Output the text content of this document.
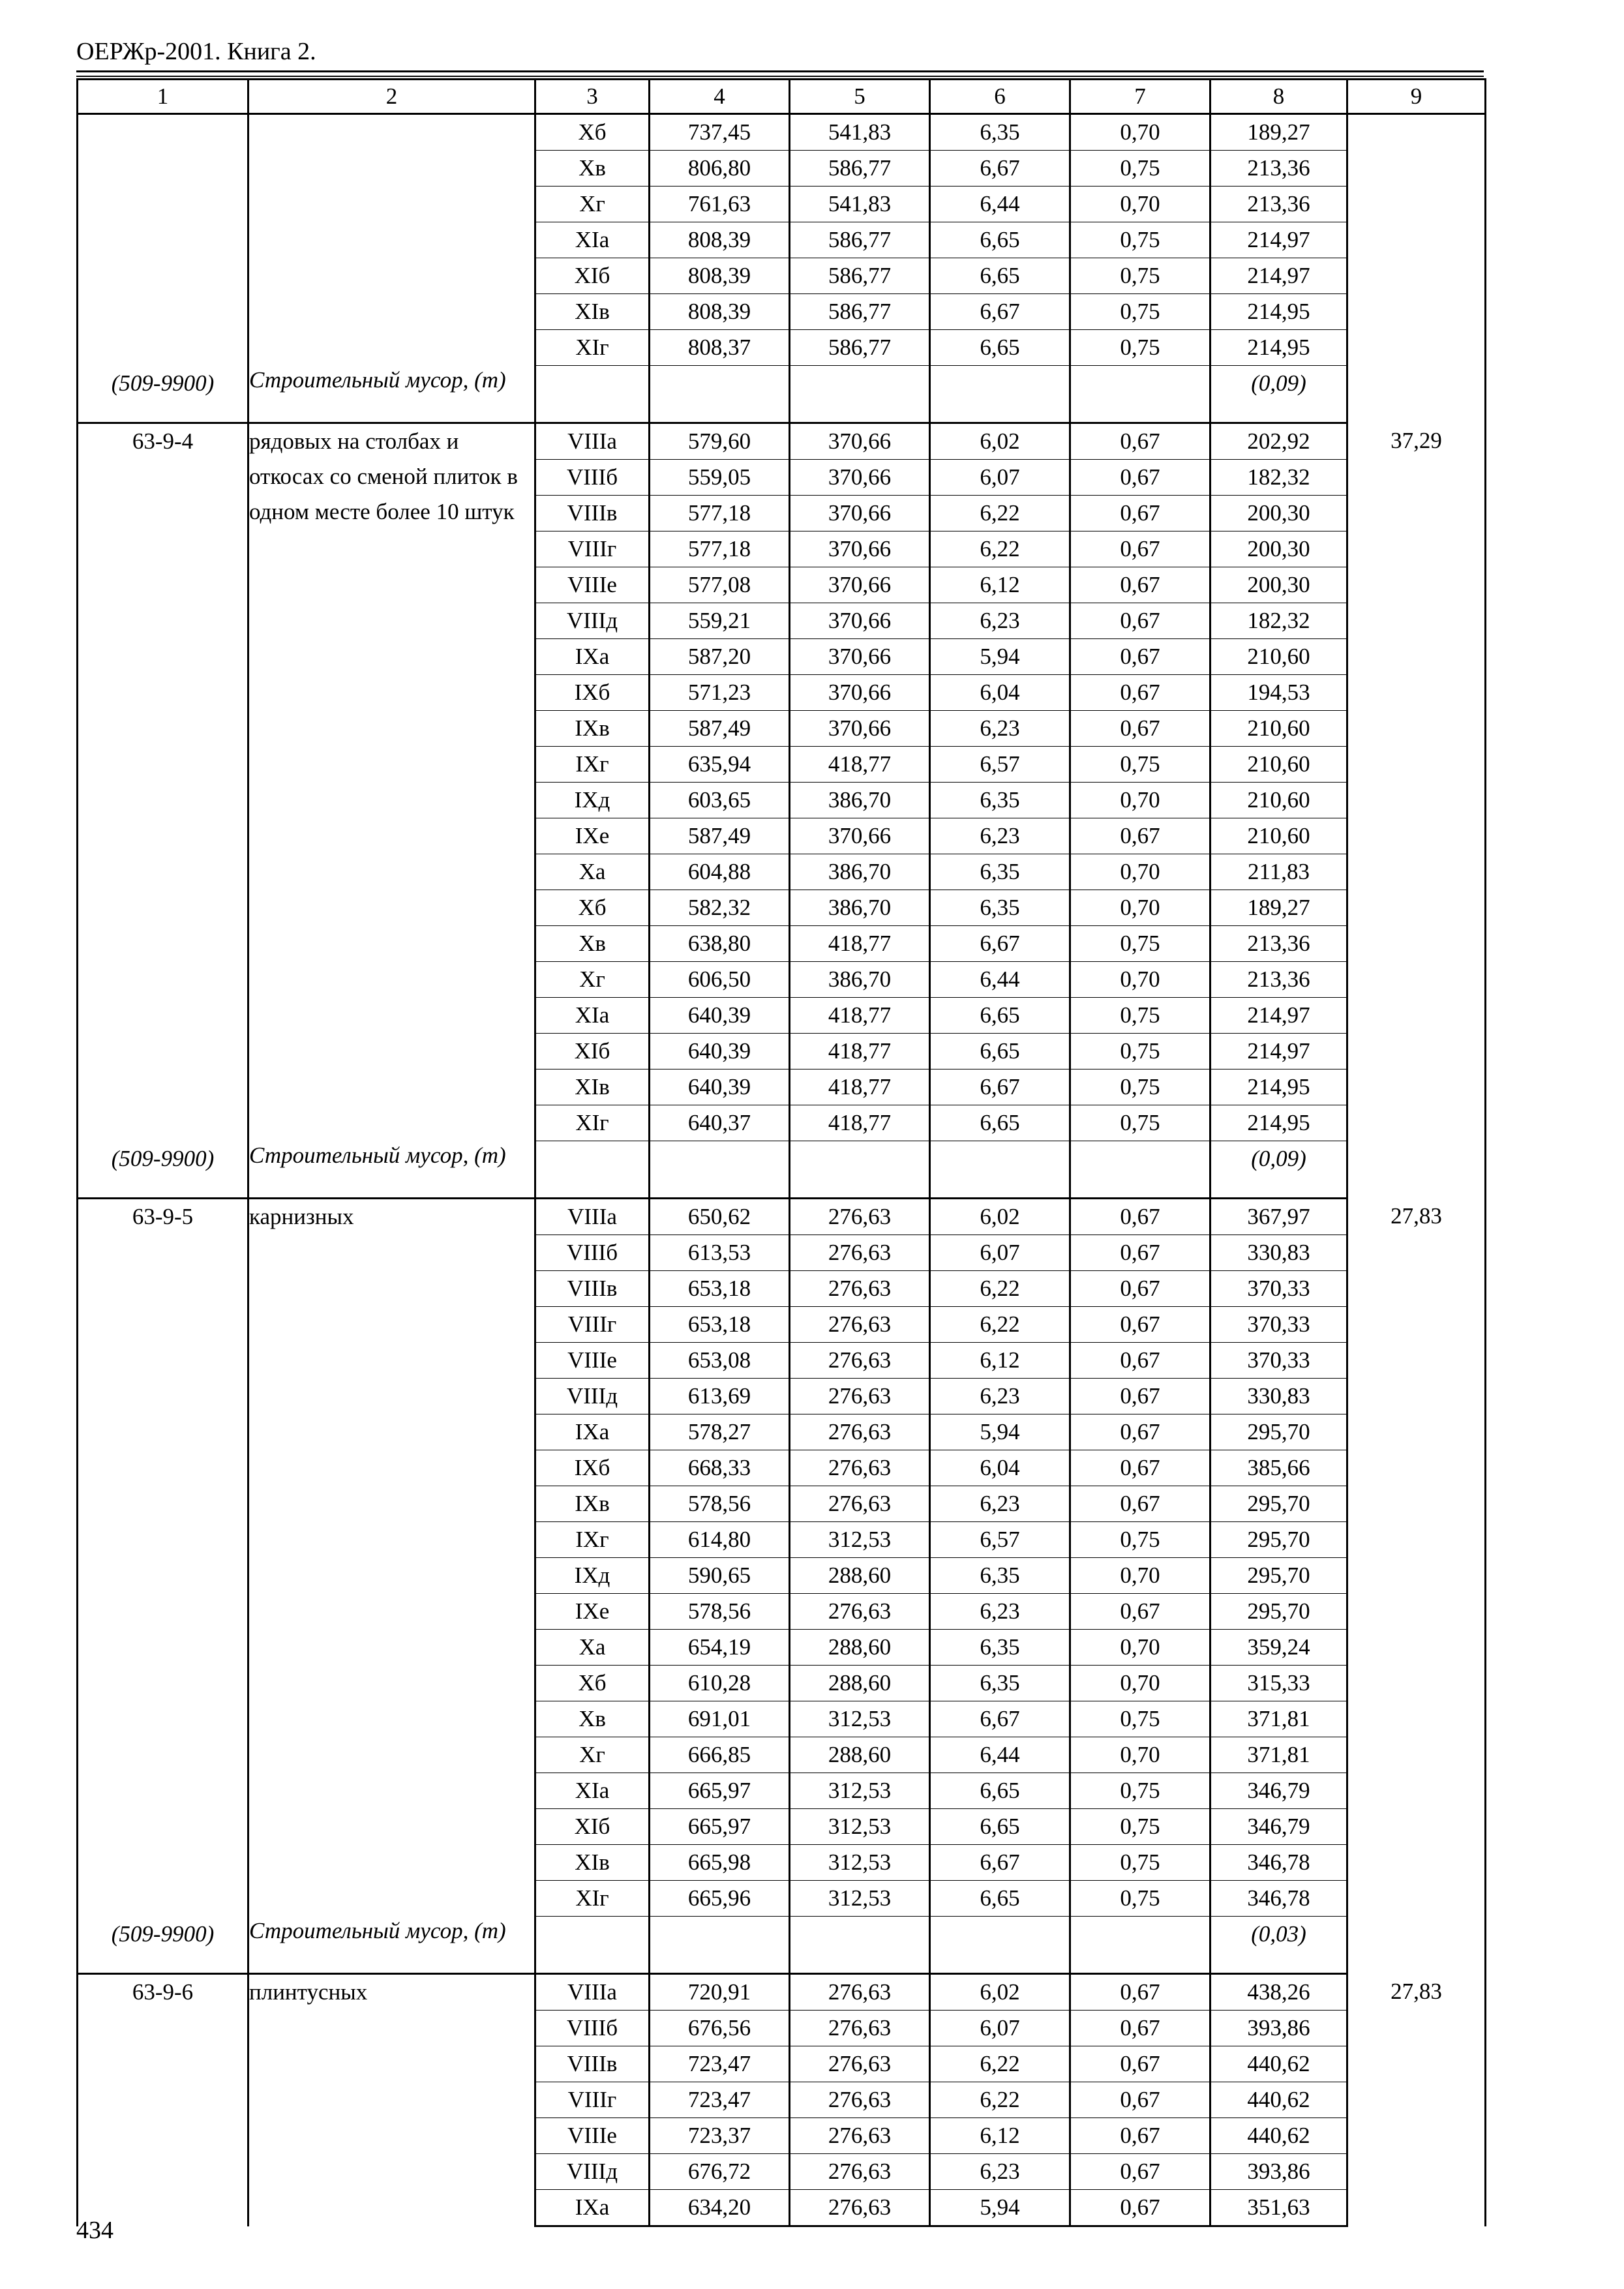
ОЕРЖр-2001. Книга 2.
1	2	3	4	5	6	7	8	9
		Хб	737,45	541,83	6,35	0,70	189,27	
		Хв	806,80	586,77	6,67	0,75	213,36	
		Хг	761,63	541,83	6,44	0,70	213,36	
		XIа	808,39	586,77	6,65	0,75	214,97	
		XIб	808,39	586,77	6,65	0,75	214,97	
		XIв	808,39	586,77	6,67	0,75	214,95	
		XIг	808,37	586,77	6,65	0,75	214,95	
(509-9900)	Строительный мусор, (т)						(0,09)	
63-9-4	рядовых на столбах и откосах со сменой плиток в одном месте более 10 штук	VIIIа	579,60	370,66	6,02	0,67	202,92	37,29
		VIIIб	559,05	370,66	6,07	0,67	182,32	
		VIIIв	577,18	370,66	6,22	0,67	200,30	
		VIIIг	577,18	370,66	6,22	0,67	200,30	
		VIIIе	577,08	370,66	6,12	0,67	200,30	
		VIIIд	559,21	370,66	6,23	0,67	182,32	
		IXа	587,20	370,66	5,94	0,67	210,60	
		IXб	571,23	370,66	6,04	0,67	194,53	
		IXв	587,49	370,66	6,23	0,67	210,60	
		IXг	635,94	418,77	6,57	0,75	210,60	
		IXд	603,65	386,70	6,35	0,70	210,60	
		IXе	587,49	370,66	6,23	0,67	210,60	
		Ха	604,88	386,70	6,35	0,70	211,83	
		Хб	582,32	386,70	6,35	0,70	189,27	
		Хв	638,80	418,77	6,67	0,75	213,36	
		Хг	606,50	386,70	6,44	0,70	213,36	
		XIа	640,39	418,77	6,65	0,75	214,97	
		XIб	640,39	418,77	6,65	0,75	214,97	
		XIв	640,39	418,77	6,67	0,75	214,95	
		XIг	640,37	418,77	6,65	0,75	214,95	
(509-9900)	Строительный мусор, (т)						(0,09)	
63-9-5	карнизных	VIIIа	650,62	276,63	6,02	0,67	367,97	27,83
		VIIIб	613,53	276,63	6,07	0,67	330,83	
		VIIIв	653,18	276,63	6,22	0,67	370,33	
		VIIIг	653,18	276,63	6,22	0,67	370,33	
		VIIIе	653,08	276,63	6,12	0,67	370,33	
		VIIIд	613,69	276,63	6,23	0,67	330,83	
		IXа	578,27	276,63	5,94	0,67	295,70	
		IXб	668,33	276,63	6,04	0,67	385,66	
		IXв	578,56	276,63	6,23	0,67	295,70	
		IXг	614,80	312,53	6,57	0,75	295,70	
		IXд	590,65	288,60	6,35	0,70	295,70	
		IXе	578,56	276,63	6,23	0,67	295,70	
		Ха	654,19	288,60	6,35	0,70	359,24	
		Хб	610,28	288,60	6,35	0,70	315,33	
		Хв	691,01	312,53	6,67	0,75	371,81	
		Хг	666,85	288,60	6,44	0,70	371,81	
		XIа	665,97	312,53	6,65	0,75	346,79	
		XIб	665,97	312,53	6,65	0,75	346,79	
		XIв	665,98	312,53	6,67	0,75	346,78	
		XIг	665,96	312,53	6,65	0,75	346,78	
(509-9900)	Строительный мусор, (т)						(0,03)	
63-9-6	плинтусных	VIIIа	720,91	276,63	6,02	0,67	438,26	27,83
		VIIIб	676,56	276,63	6,07	0,67	393,86	
		VIIIв	723,47	276,63	6,22	0,67	440,62	
		VIIIг	723,47	276,63	6,22	0,67	440,62	
		VIIIе	723,37	276,63	6,12	0,67	440,62	
		VIIIд	676,72	276,63	6,23	0,67	393,86	
		IXа	634,20	276,63	5,94	0,67	351,63	
434
